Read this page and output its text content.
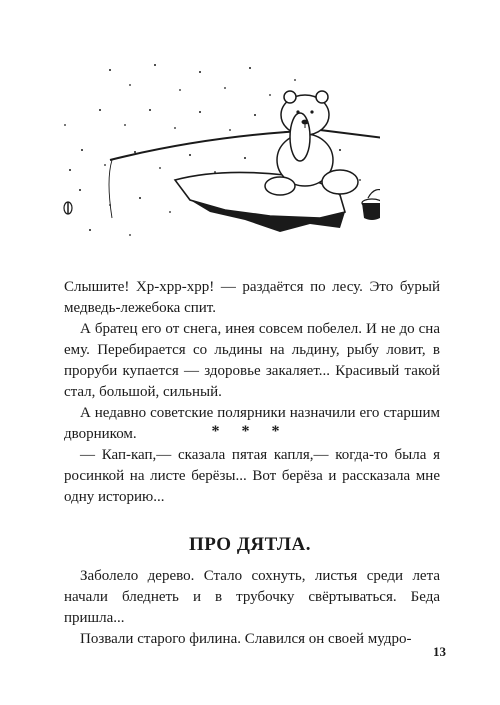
Слышите! Хр-хрр-хрр! — раздаётся по лесу. Это бурый медведь-лежебока спит.

А братец его от снега, инея совсем побелел. И не до сна ему. Перебирается со льдины на льдину, рыбу ловит, в проруби купается — здоровье закаляет... Красивый такой стал, большой, сильный.

А недавно советские полярники назначили его старшим дворником.	* * *

— Кап-кап,— сказала пятая капля,— когда-то была я росинкой на листе берёзы... Вот берёза и рассказала мне одну историю...

ПРО ДЯТЛА.

Заболело дерево. Стало сохнуть, листья среди лета начали бледнеть и в трубочку свёртываться. Беда пришла...

Позвали старого филина. Славился он своей мудро-

13
